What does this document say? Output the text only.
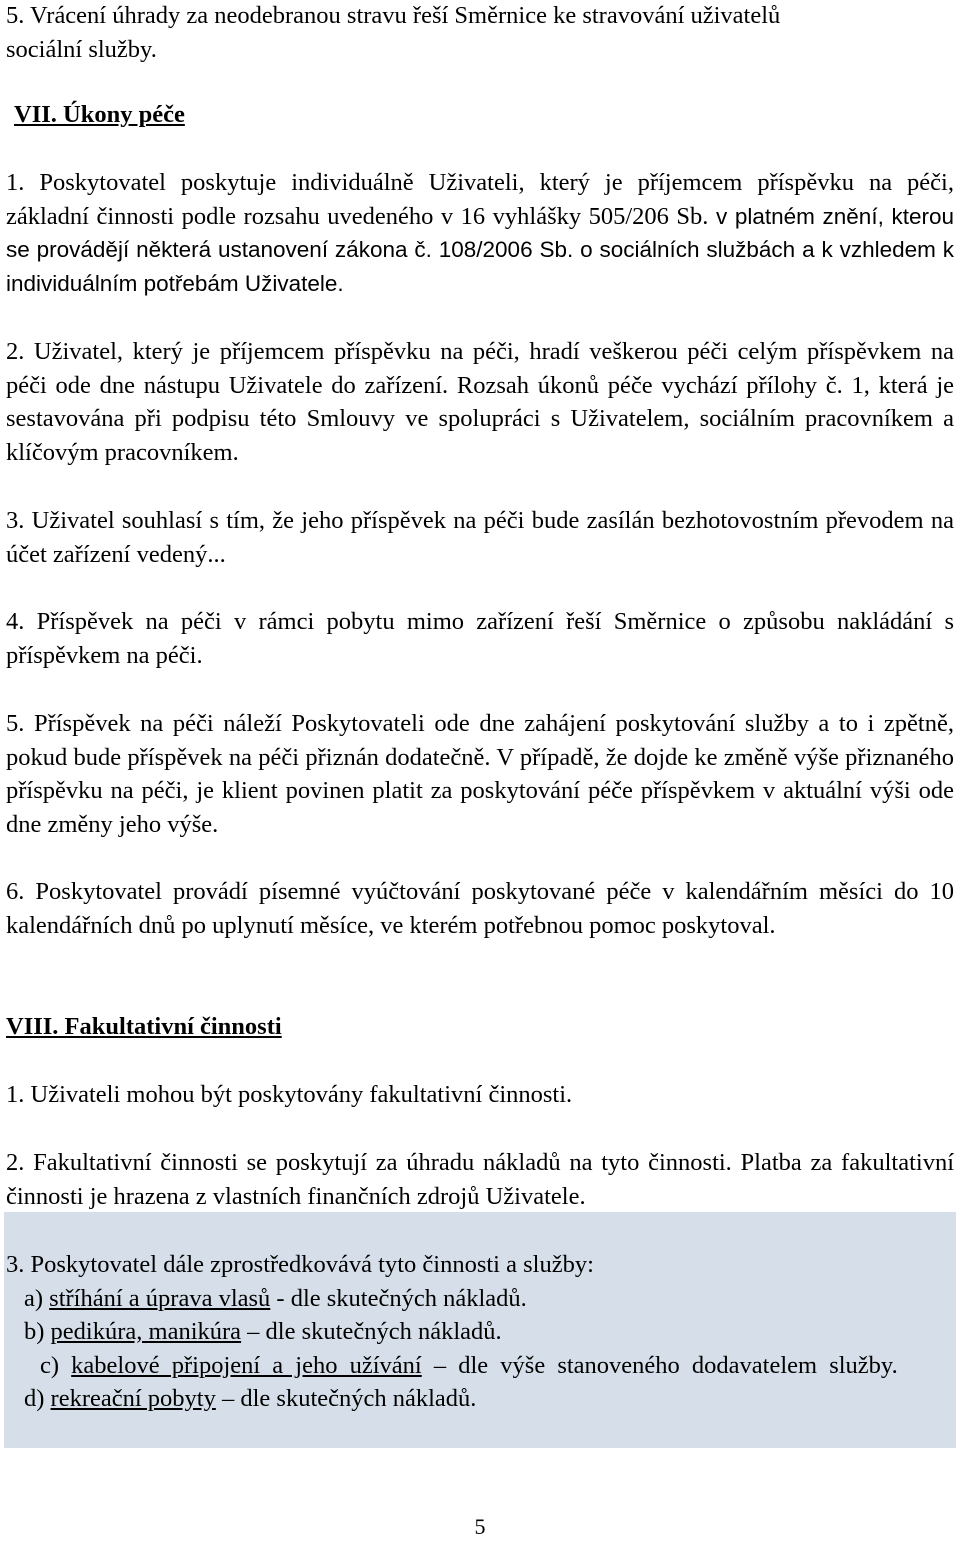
5. Vrácení úhrady za neodebranou stravu řeší Směrnice ke stravování uživatelů
sociální služby.

VII. Úkony péče

1. Poskytovatel poskytuje individuálně Uživateli, který je příjemcem příspěvku na péči, základní činnosti podle rozsahu uvedeného v 16 vyhlášky 505/206 Sb. v platném znění, kterou se provádějí některá ustanovení zákona č. 108/2006 Sb. o sociálních službách a k vzhledem k individuálním potřebám Uživatele.

2. Uživatel, který je příjemcem příspěvku na péči, hradí veškerou péči celým příspěvkem na péči ode dne nástupu Uživatele do zařízení. Rozsah úkonů péče vychází přílohy č. 1, která je sestavována při podpisu této Smlouvy ve spolupráci s Uživatelem, sociálním pracovníkem a klíčovým pracovníkem.

3. Uživatel souhlasí s tím, že jeho příspěvek na péči bude zasílán bezhotovostním převodem na účet zařízení vedený...

4. Příspěvek na péči v rámci pobytu mimo zařízení řeší Směrnice o způsobu nakládání s příspěvkem na péči.

5. Příspěvek na péči náleží Poskytovateli ode dne zahájení poskytování služby a to i zpětně, pokud bude příspěvek na péči přiznán dodatečně. V případě, že dojde ke změně výše přiznaného příspěvku na péči, je klient povinen platit za poskytování péče příspěvkem v aktuální výši ode dne změny jeho výše.

6. Poskytovatel provádí písemné vyúčtování poskytované péče v kalendářním měsíci do 10 kalendářních dnů po uplynutí měsíce, ve kterém potřebnou pomoc poskytoval.

VIII. Fakultativní činnosti

1. Uživateli mohou být poskytovány fakultativní činnosti.

2. Fakultativní činnosti se poskytují za úhradu nákladů na tyto činnosti. Platba za fakultativní činnosti je hrazena z vlastních finančních zdrojů Uživatele.

3. Poskytovatel dále zprostředkovává tyto činnosti a služby:

a) stříhání a úprava vlasů - dle skutečných nákladů.

b) pedikúra, manikúra – dle skutečných nákladů.

c) kabelové připojení a jeho užívání – dle výše stanoveného dodavatelem služby.

d) rekreační pobyty – dle skutečných nákladů.

5
